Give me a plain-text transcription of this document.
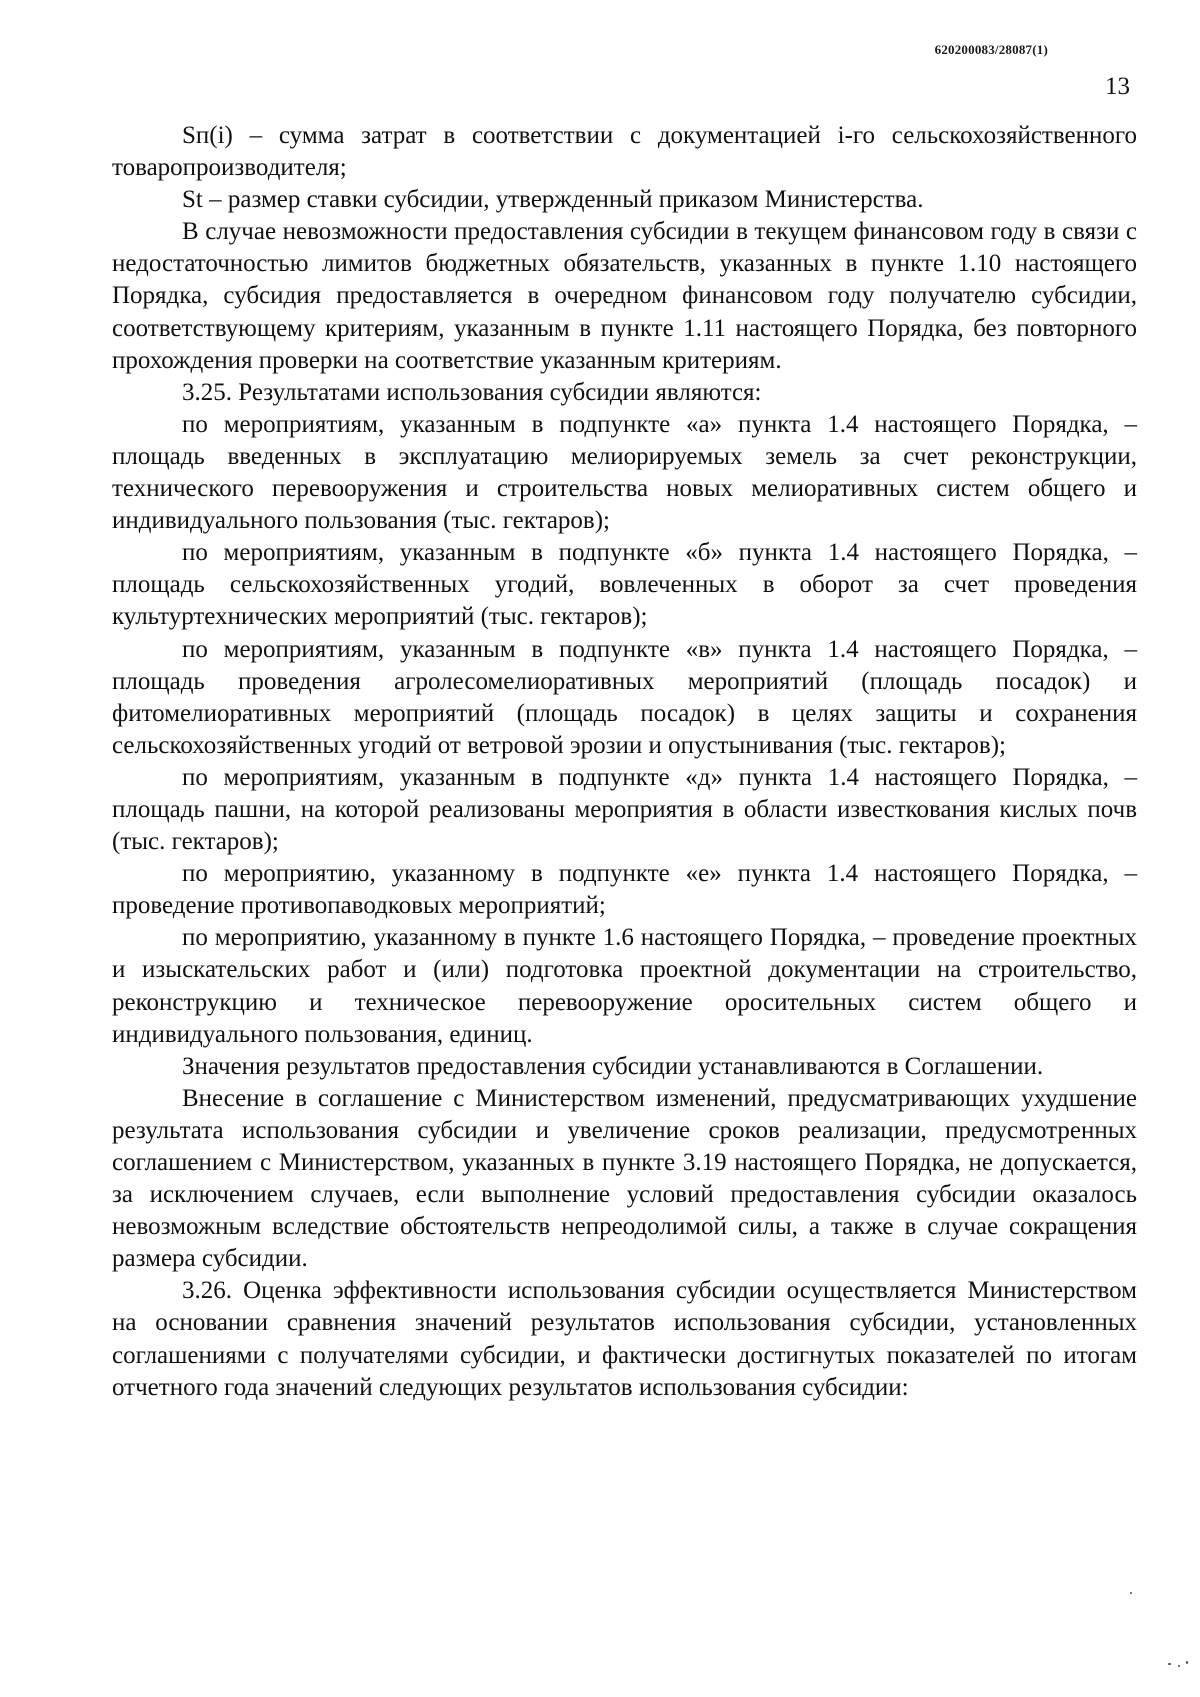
620200083/28087(1)
13

Sп(i) – сумма затрат в соответствии с документацией i-го сельскохозяйственного товаропроизводителя;

St – размер ставки субсидии, утвержденный приказом Министерства.

В случае невозможности предоставления субсидии в текущем финансовом году в связи с недостаточностью лимитов бюджетных обязательств, указанных в пункте 1.10 настоящего Порядка, субсидия предоставляется в очередном финансовом году получателю субсидии, соответствующему критериям, указанным в пункте 1.11 настоящего Порядка, без повторного прохождения проверки на соответствие указанным критериям.

3.25. Результатами использования субсидии являются:

по мероприятиям, указанным в подпункте «а» пункта 1.4 настоящего Порядка, – площадь введенных в эксплуатацию мелиорируемых земель за счет реконструкции, технического перевооружения и строительства новых мелиоративных систем общего и индивидуального пользования (тыс. гектаров);

по мероприятиям, указанным в подпункте «б» пункта 1.4 настоящего Порядка, – площадь сельскохозяйственных угодий, вовлеченных в оборот за счет проведения культуртехнических мероприятий (тыс. гектаров);

по мероприятиям, указанным в подпункте «в» пункта 1.4 настоящего Порядка, – площадь проведения агролесомелиоративных мероприятий (площадь посадок) и фитомелиоративных мероприятий (площадь посадок) в целях защиты и сохранения сельскохозяйственных угодий от ветровой эрозии и опустынивания (тыс. гектаров);

по мероприятиям, указанным в подпункте «д» пункта 1.4 настоящего Порядка, – площадь пашни, на которой реализованы мероприятия в области известкования кислых почв (тыс. гектаров);

по мероприятию, указанному в подпункте «е» пункта 1.4 настоящего Порядка, – проведение противопаводковых мероприятий;

по мероприятию, указанному в пункте 1.6 настоящего Порядка, – проведение проектных и изыскательских работ и (или) подготовка проектной документации на строительство, реконструкцию и техническое перевооружение оросительных систем общего и индивидуального пользования, единиц.

Значения результатов предоставления субсидии устанавливаются в Соглашении.

Внесение в соглашение с Министерством изменений, предусматривающих ухудшение результата использования субсидии и увеличение сроков реализации, предусмотренных соглашением с Министерством, указанных в пункте 3.19 настоящего Порядка, не допускается, за исключением случаев, если выполнение условий предоставления субсидии оказалось невозможным вследствие обстоятельств непреодолимой силы, а также в случае сокращения размера субсидии.

3.26. Оценка эффективности использования субсидии осуществляется Министерством на основании сравнения значений результатов использования субсидии, установленных соглашениями с получателями субсидии, и фактически достигнутых показателей по итогам отчетного года значений следующих результатов использования субсидии:
